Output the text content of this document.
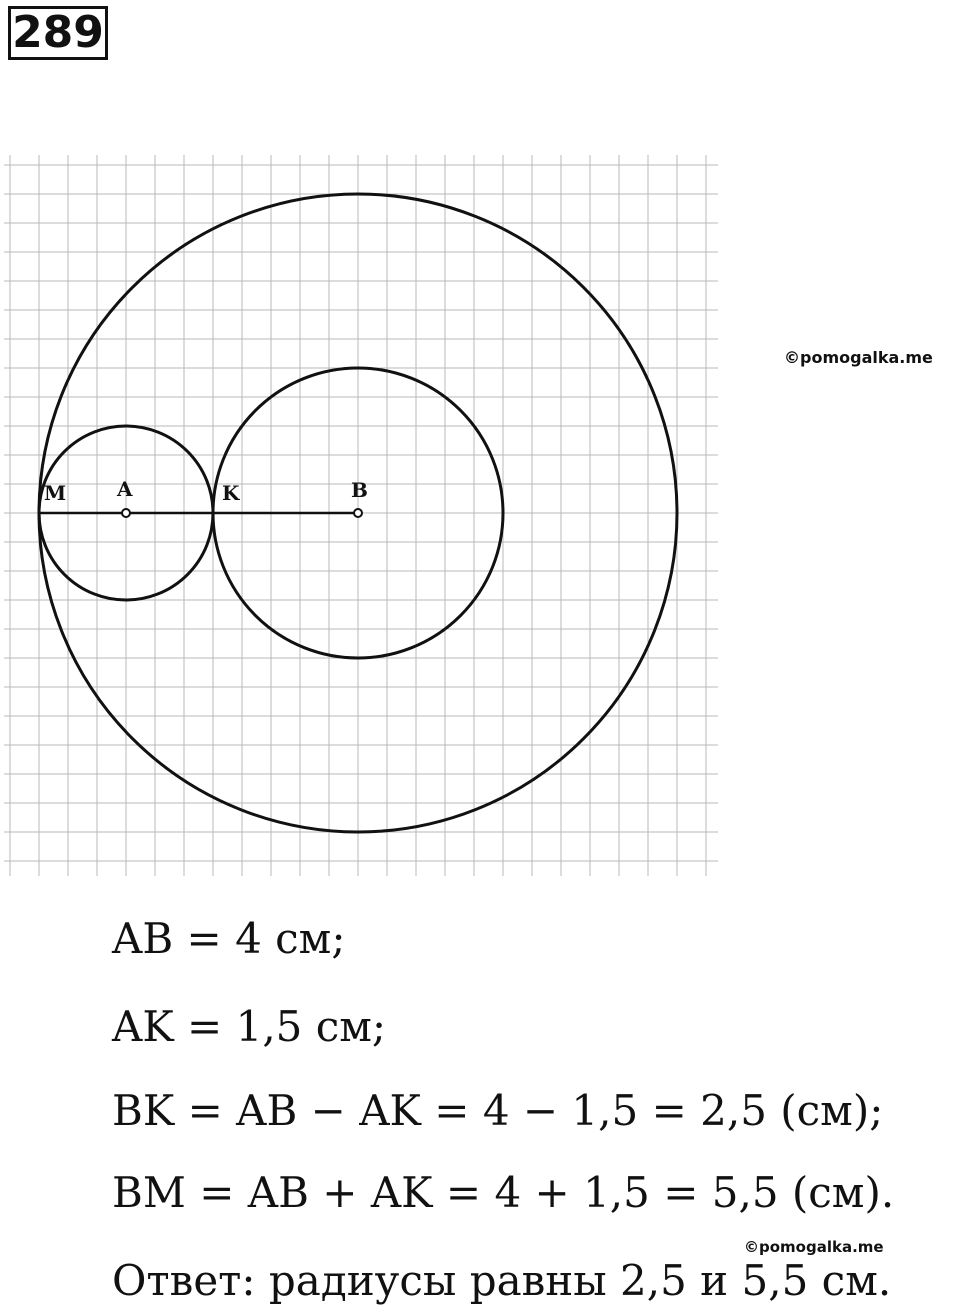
289
M	A	K	B
©pomogalka.me
AB = 4 см;
AK = 1,5 см;
BK = AB − AK = 4 − 1,5 = 2,5 (см);
BM = AB + AK = 4 + 1,5 = 5,5 (см).
©pomogalka.me
Ответ: радиусы равны 2,5 и 5,5 см.
